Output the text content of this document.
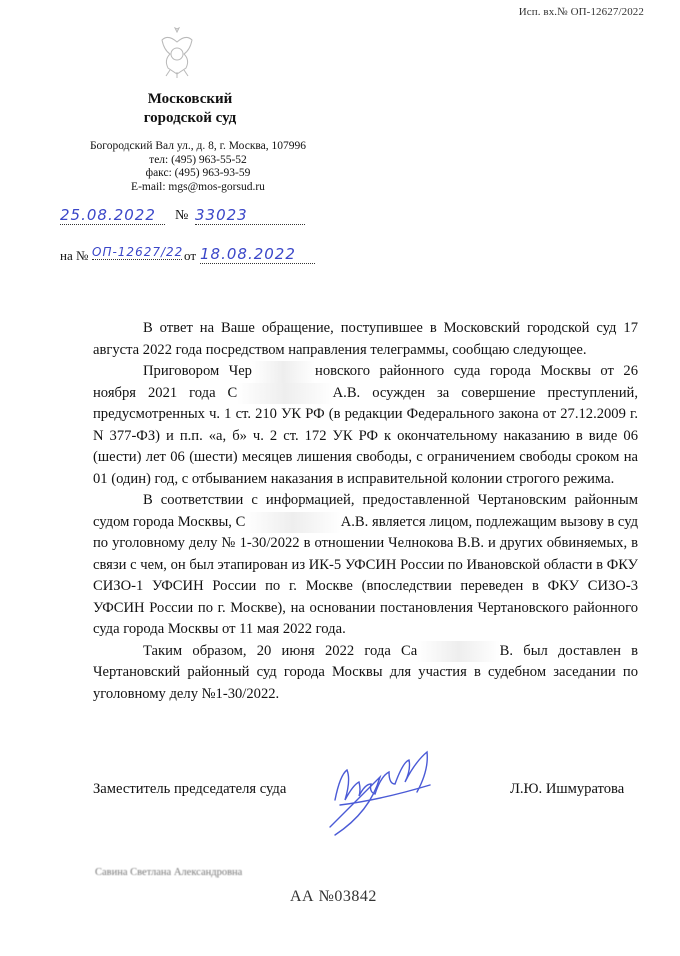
Исп. вх.№ ОП-12627/2022
Московский
городской суд
Богородский Вал ул., д. 8, г. Москва, 107996
тел: (495) 963-55-52
факс: (495) 963-93-59
E-mail: mgs@mos-gorsud.ru
25.08.2022	№ 33023
на № ОП-12627/22 от 18.08.2022

В ответ на Ваше обращение, поступившее в Московский городской суд 17 августа 2022 года посредством направления телеграммы, сообщаю следующее.

Приговором Чер	новского районного суда города Москвы от 26 ноября 2021 года С	А.В. осужден за совершение преступлений, предусмотренных ч. 1 ст. 210 УК РФ (в редакции Федерального закона от 27.12.2009 г. N 377-ФЗ) и п.п. «а, б» ч. 2 ст. 172 УК РФ к окончательному наказанию в виде 06 (шести) лет 06 (шести) месяцев лишения свободы, с ограничением свободы сроком на 01 (один) год, с отбыванием наказания в исправительной колонии строгого режима.

В соответствии с информацией, предоставленной Чертановским районным судом города Москвы, С	А.В. является лицом, подлежащим вызову в суд по уголовному делу № 1-30/2022 в отношении Челнокова В.В. и других обвиняемых, в связи с чем, он был этапирован из ИК-5 УФСИН России по Ивановской области в ФКУ СИЗО-1 УФСИН России по г. Москве (впоследствии переведен в ФКУ СИЗО-3 УФСИН России по г. Москве), на основании постановления Чертановского районного суда города Москвы от 11 мая 2022 года.

Таким образом, 20 июня 2022 года Са	В. был доставлен в Чертановский районный суд города Москвы для участия в судебном заседании по уголовному делу №1-30/2022.

Заместитель председателя суда	Л.Ю. Ишмуратова
Савина Светлана Александровна
АА №03842
